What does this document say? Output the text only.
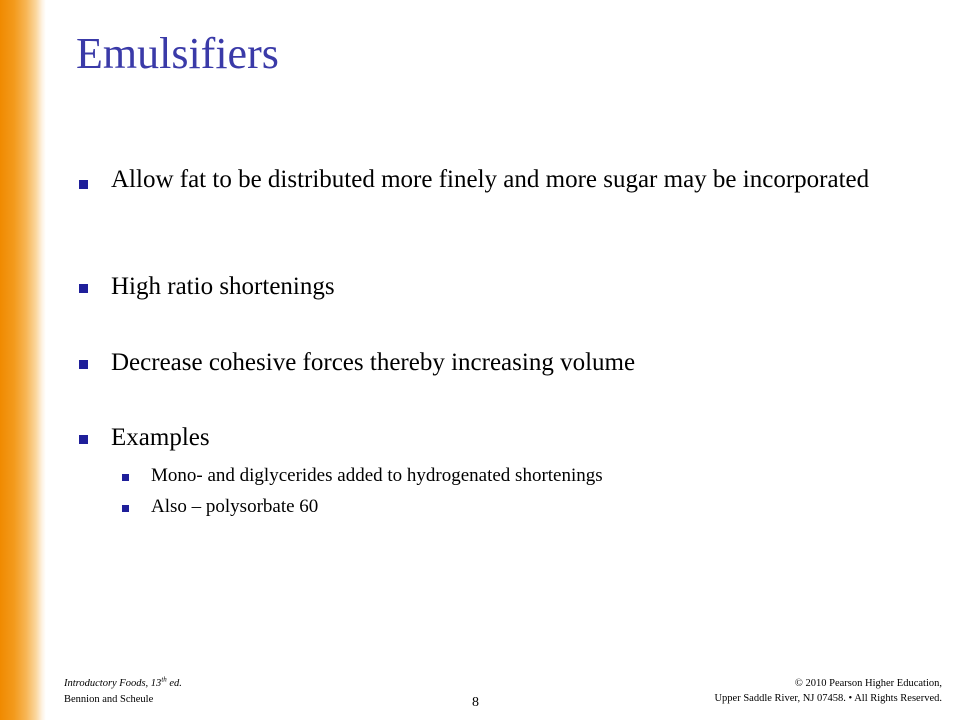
Emulsifiers
Allow fat to be distributed more finely and more sugar may be incorporated
High ratio shortenings
Decrease cohesive forces thereby increasing volume
Examples
Mono- and diglycerides added to hydrogenated shortenings
Also – polysorbate 60
Introductory Foods, 13th ed.
Bennion and Scheule	8
© 2010 Pearson Higher Education,
Upper Saddle River, NJ 07458. • All Rights Reserved.
